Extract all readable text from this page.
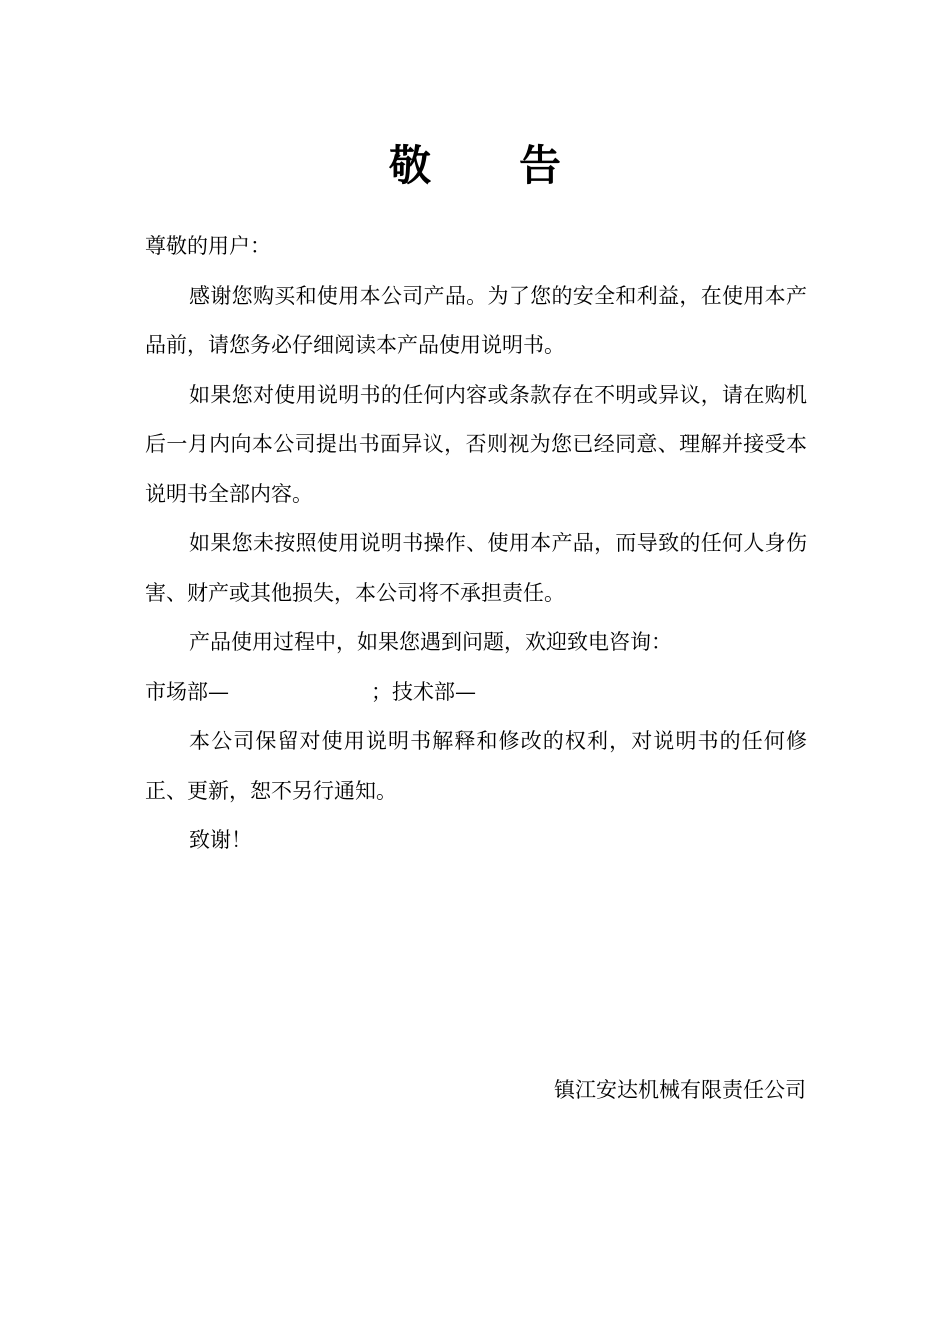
敬 告

尊敬的用户：

感谢您购买和使用本公司产品。为了您的安全和利益，在使用本产品前，请您务必仔细阅读本产品使用说明书。

如果您对使用说明书的任何内容或条款存在不明或异议，请在购机后一月内向本公司提出书面异议，否则视为您已经同意、理解并接受本说明书全部内容。

如果您未按照使用说明书操作、使用本产品，而导致的任何人身伤害、财产或其他损失，本公司将不承担责任。

产品使用过程中，如果您遇到问题，欢迎致电咨询：

市场部—	；技术部—

本公司保留对使用说明书解释和修改的权利，对说明书的任何修正、更新，恕不另行通知。

致谢！

镇江安达机械有限责任公司
